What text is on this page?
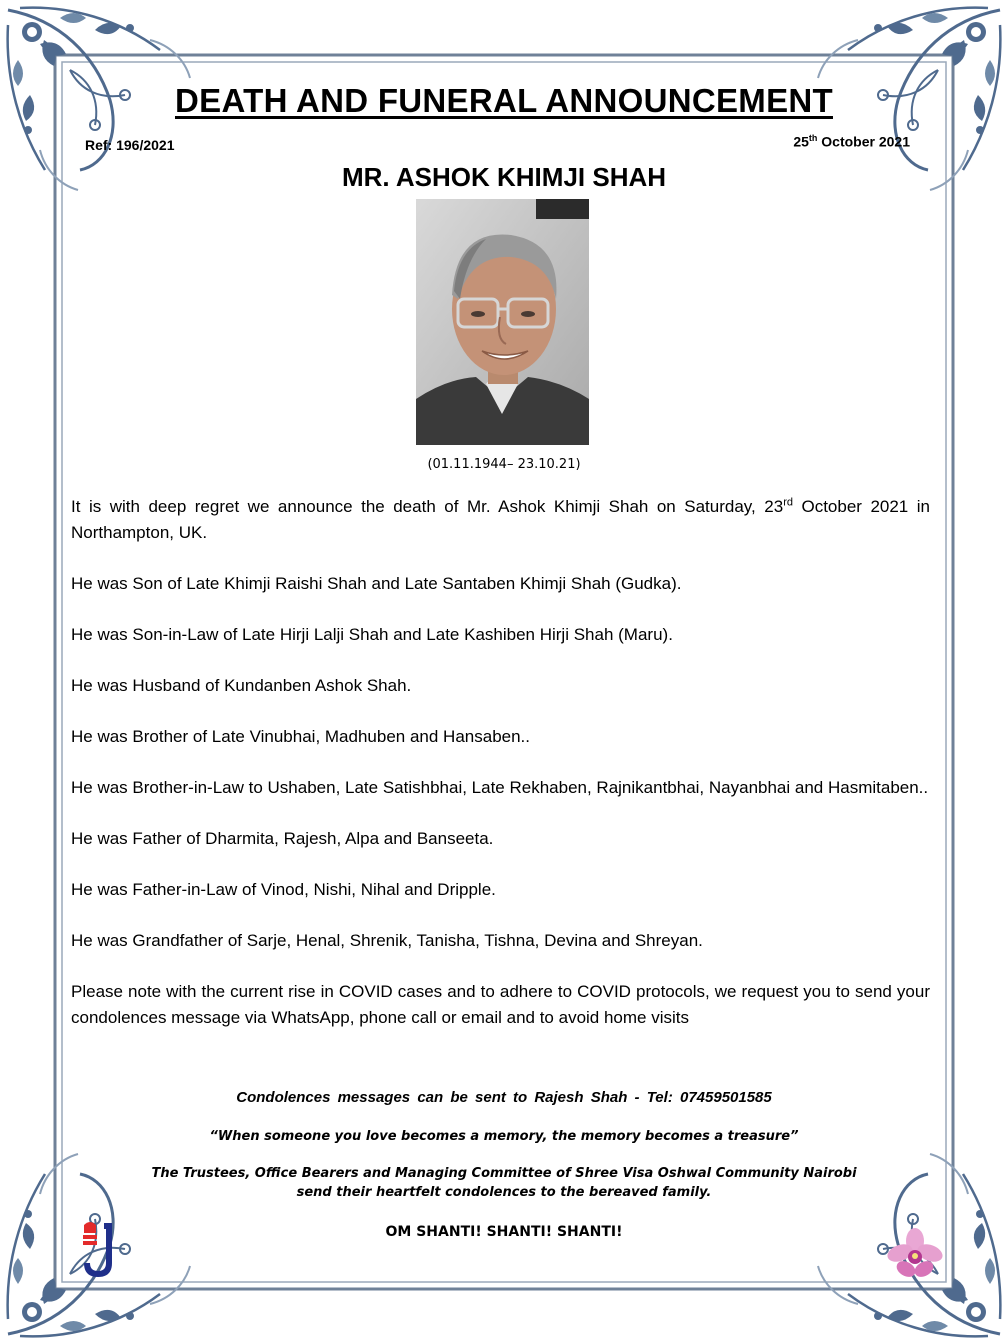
DEATH AND FUNERAL ANNOUNCEMENT
Ref: 196/2021	25th October 2021
MR. ASHOK KHIMJI SHAH
(01.11.1944– 23.10.21)

It is with deep regret we announce the death of Mr. Ashok Khimji Shah on Saturday, 23rd October 2021 in Northampton, UK.

He was Son of Late Khimji Raishi Shah and Late Santaben Khimji Shah (Gudka).

He was Son-in-Law of Late Hirji Lalji Shah and Late Kashiben Hirji Shah (Maru).

He was Husband of Kundanben Ashok Shah.

He was Brother of Late Vinubhai, Madhuben and Hansaben..

He was Brother-in-Law to Ushaben, Late Satishbhai, Late Rekhaben, Rajnikantbhai, Nayanbhai and Hasmitaben..

He was Father of Dharmita, Rajesh, Alpa and Banseeta.

He was Father-in-Law of Vinod, Nishi, Nihal and Dripple.

He was Grandfather of Sarje, Henal, Shrenik, Tanisha, Tishna, Devina and Shreyan.

Please note with the current rise in COVID cases and to adhere to COVID protocols, we request you to send your condolences message via WhatsApp, phone call or email and to avoid home visits

Condolences messages can be sent to Rajesh Shah - Tel: 07459501585
“When someone you love becomes a memory, the memory becomes a treasure”
The Trustees, Office Bearers and Managing Committee of Shree Visa Oshwal Community Nairobi
send their heartfelt condolences to the bereaved family.
OM SHANTI! SHANTI! SHANTI!
